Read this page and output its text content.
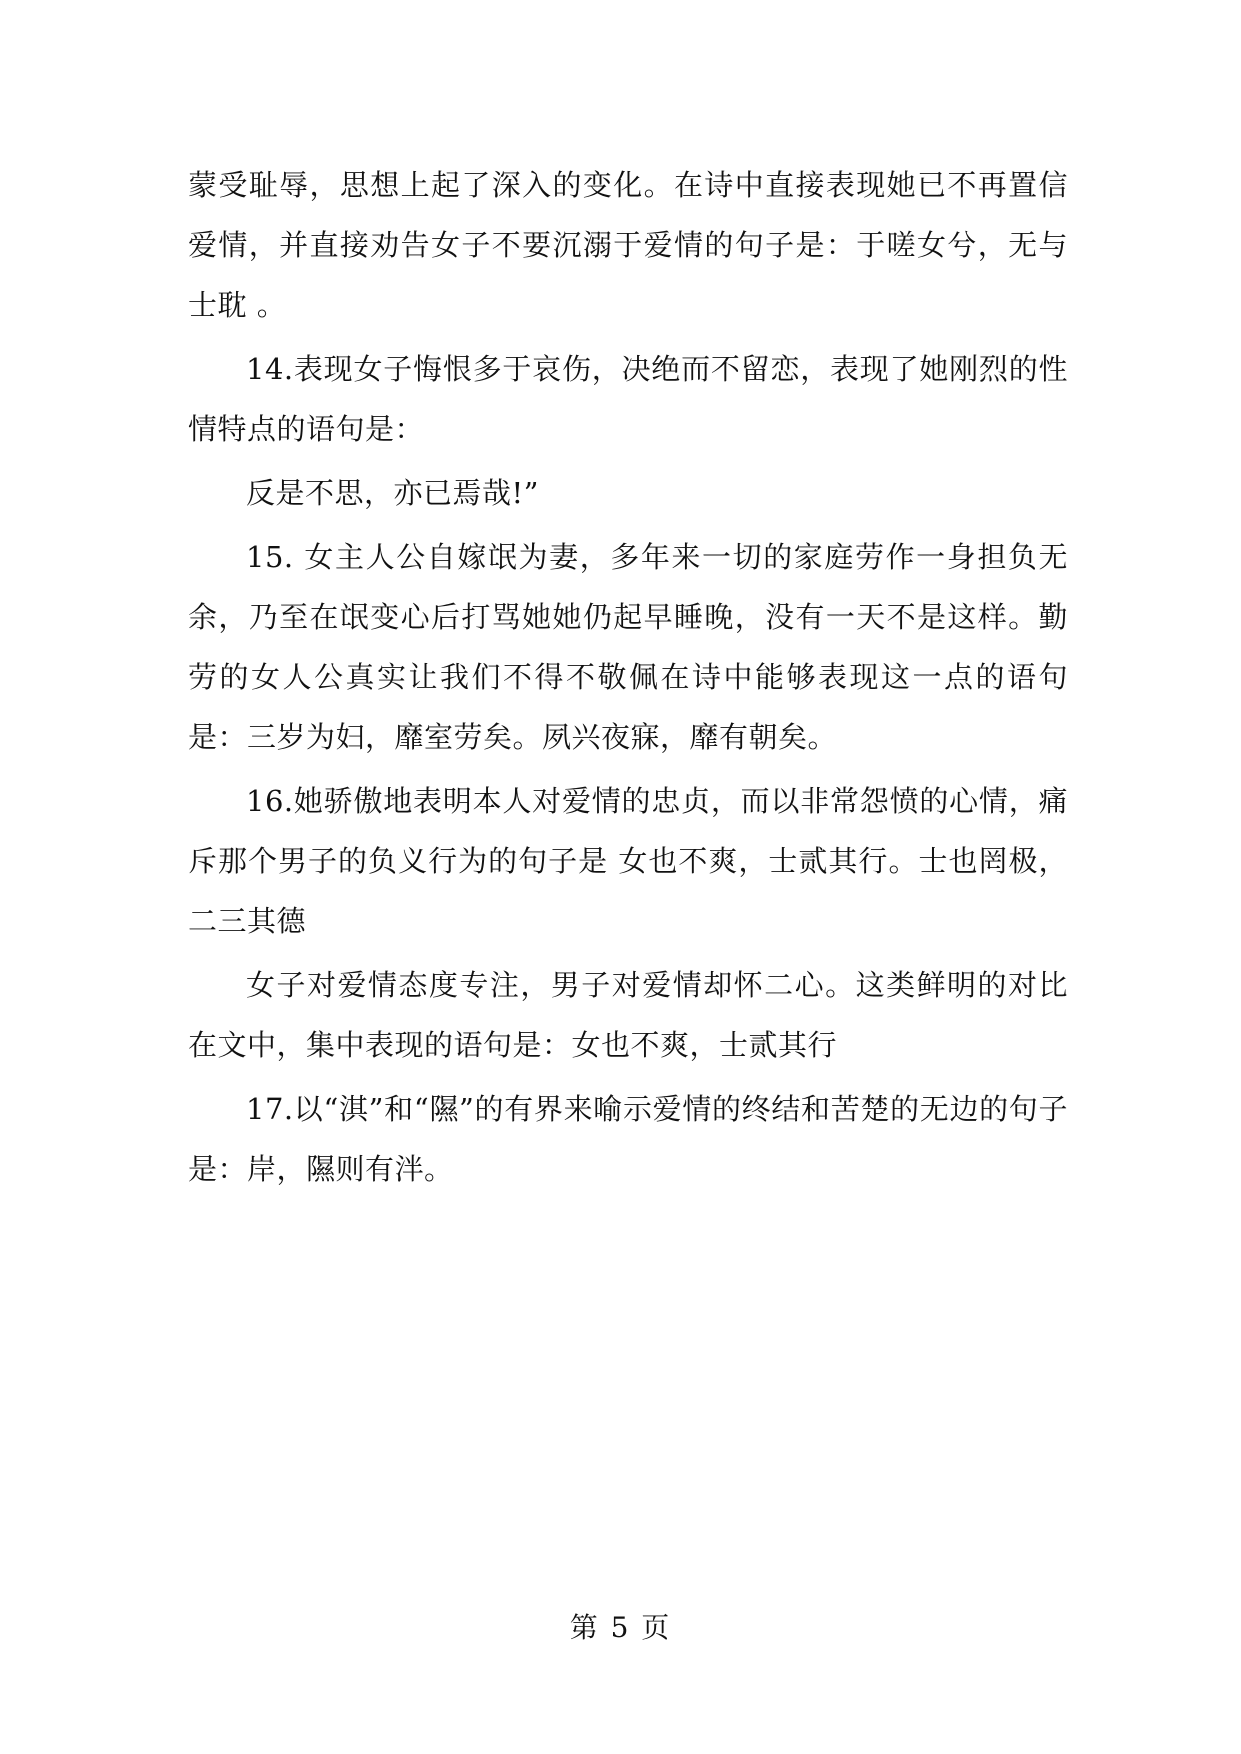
蒙受耻辱，思想上起了深入的变化。在诗中直接表现她已不再置信爱情，并直接劝告女子不要沉溺于爱情的句子是：于嗟女兮，无与士耽 。

14.表现女子悔恨多于哀伤，决绝而不留恋，表现了她刚烈的性情特点的语句是：

反是不思，亦已焉哉!”

15. 女主人公自嫁氓为妻，多年来一切的家庭劳作一身担负无余，乃至在氓变心后打骂她她仍起早睡晚，没有一天不是这样。勤劳的女人公真实让我们不得不敬佩在诗中能够表现这一点的语句是：三岁为妇，靡室劳矣。夙兴夜寐，靡有朝矣。

16.她骄傲地表明本人对爱情的忠贞，而以非常怨愤的心情，痛斥那个男子的负义行为的句子是 女也不爽，士贰其行。士也罔极，二三其德

女子对爱情态度专注，男子对爱情却怀二心。这类鲜明的对比在文中，集中表现的语句是：女也不爽，士贰其行

17.以“淇”和“隰”的有界来喻示爱情的终结和苦楚的无边的句子是：岸，隰则有泮。

第 5 页
